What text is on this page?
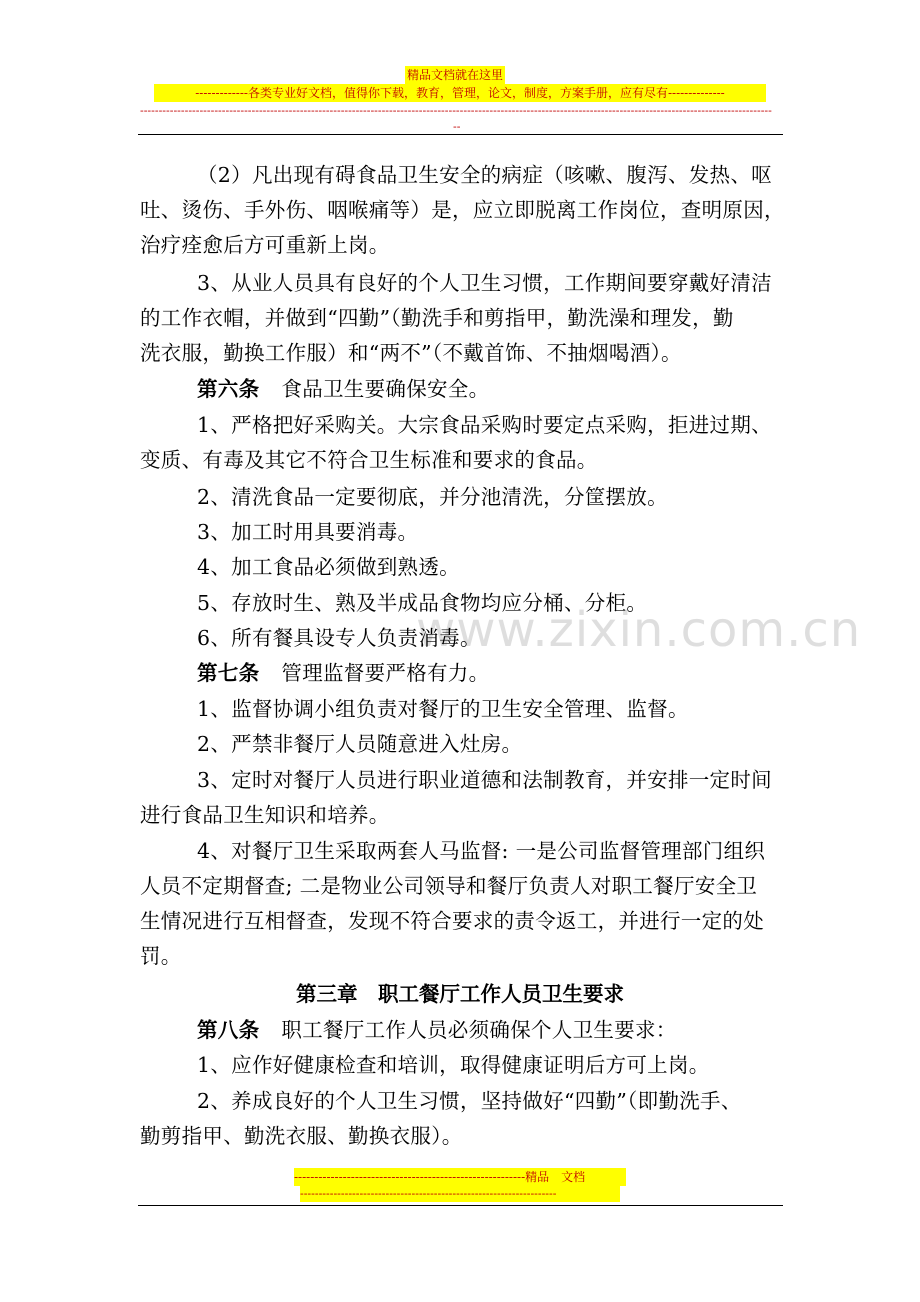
精品文档就在这里
-------------各类专业好文档，值得你下载，教育，管理，论文，制度，方案手册，应有尽有--------------
--------------------------------------------------------------------------------------------------------------------------------------------------------------------------
--
www.zixin.com.cn
（2）凡出现有碍食品卫生安全的病症（咳嗽、腹泻、发热、呕
吐、烫伤、手外伤、咽喉痛等）是，应立即脱离工作岗位，查明原因，
治疗痊愈后方可重新上岗。
3、从业人员具有良好的个人卫生习惯，工作期间要穿戴好清洁
的工作衣帽，并做到“四勤”（勤洗手和剪指甲，勤洗澡和理发，勤
洗衣服，勤换工作服）和“两不”（不戴首饰、不抽烟喝酒）。
第六条 食品卫生要确保安全。
1、严格把好采购关。大宗食品采购时要定点采购，拒进过期、
变质、有毒及其它不符合卫生标准和要求的食品。
2、清洗食品一定要彻底，并分池清洗，分筐摆放。
3、加工时用具要消毒。
4、加工食品必须做到熟透。
5、存放时生、熟及半成品食物均应分桶、分柜。
6、所有餐具设专人负责消毒。
第七条 管理监督要严格有力。
1、监督协调小组负责对餐厅的卫生安全管理、监督。
2、严禁非餐厅人员随意进入灶房。
3、定时对餐厅人员进行职业道德和法制教育，并安排一定时间
进行食品卫生知识和培养。
4、对餐厅卫生采取两套人马监督: 一是公司监督管理部门组织
人员不定期督查; 二是物业公司领导和餐厅负责人对职工餐厅安全卫
生情况进行互相督查，发现不符合要求的责令返工，并进行一定的处
罚。
第三章　职工餐厅工作人员卫生要求
第八条 职工餐厅工作人员必须确保个人卫生要求：
1、应作好健康检查和培训，取得健康证明后方可上岗。
2、养成良好的个人卫生习惯，坚持做好“四勤”（即勤洗手、
勤剪指甲、勤洗衣服、勤换衣服）。
---------------------------------------------------------精品　文档
---------------------------------------------------------------------
